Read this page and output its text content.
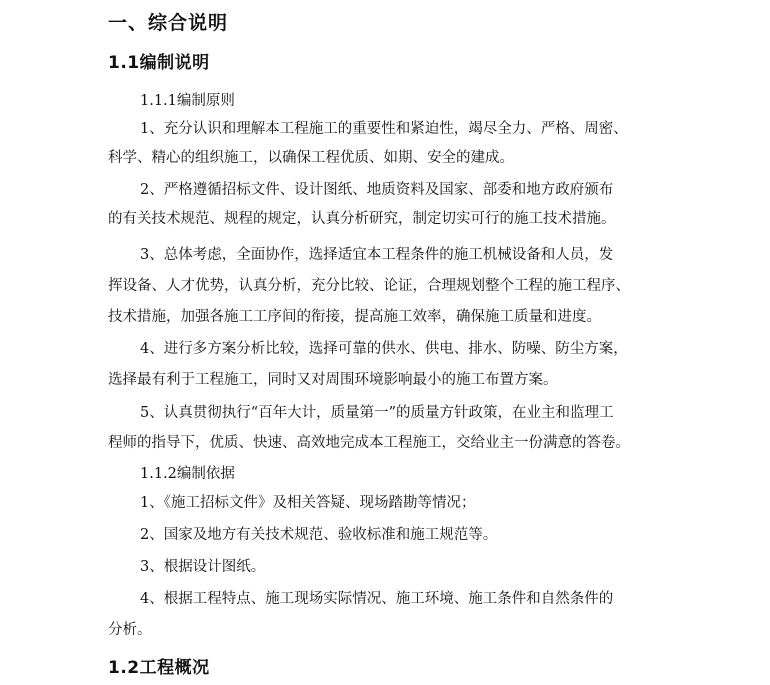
一、综合说明
1.1编制说明
1.1.1编制原则
1、充分认识和理解本工程施工的重要性和紧迫性，竭尽全力、严格、周密、
科学、精心的组织施工，以确保工程优质、如期、安全的建成。
2、严格遵循招标文件、设计图纸、地质资料及国家、部委和地方政府颁布
的有关技术规范、规程的规定，认真分析研究，制定切实可行的施工技术措施。
3、总体考虑，全面协作，选择适宜本工程条件的施工机械设备和人员，发
挥设备、人才优势，认真分析，充分比较、论证，合理规划整个工程的施工程序、
技术措施，加强各施工工序间的衔接，提高施工效率，确保施工质量和进度。
4、进行多方案分析比较，选择可靠的供水、供电、排水、防噪、防尘方案，
选择最有利于工程施工，同时又对周围环境影响最小的施工布置方案。
5、认真贯彻执行“百年大计，质量第一”的质量方针政策，在业主和监理工
程师的指导下，优质、快速、高效地完成本工程施工，交给业主一份满意的答卷。
1.1.2编制依据
1、《施工招标文件》及相关答疑、现场踏勘等情况；
2、国家及地方有关技术规范、验收标准和施工规范等。
3、根据设计图纸。
4、根据工程特点、施工现场实际情况、施工环境、施工条件和自然条件的
分析。
1.2工程概况
